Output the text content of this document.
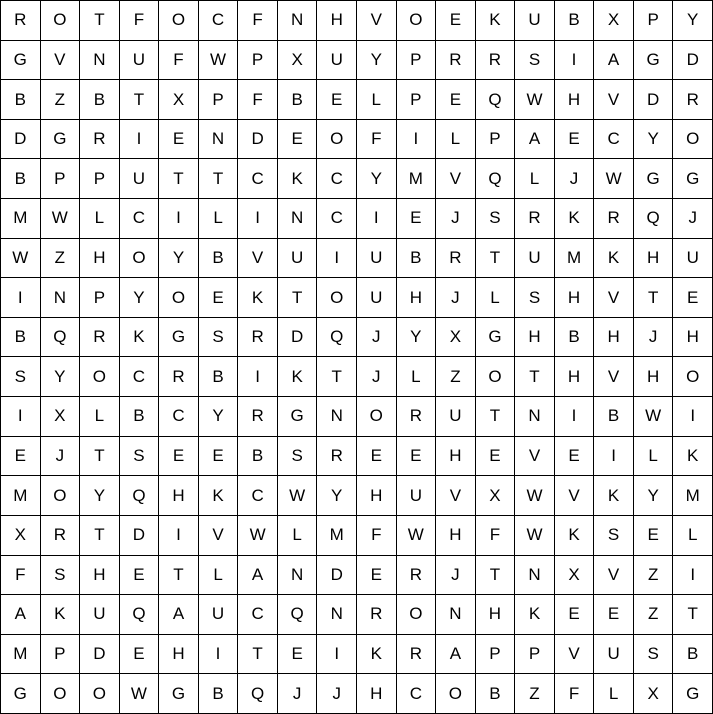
R	O	T	F	O	C	F	N	H	V	O	E	K	U	B	X	P	Y
G	V	N	U	F	W	P	X	U	Y	P	R	R	S	I	A	G	D
B	Z	B	T	X	P	F	B	E	L	P	E	Q	W	H	V	D	R
D	G	R	I	E	N	D	E	O	F	I	L	P	A	E	C	Y	O
B	P	P	U	T	T	C	K	C	Y	M	V	Q	L	J	W	G	G
M	W	L	C	I	L	I	N	C	I	E	J	S	R	K	R	Q	J
W	Z	H	O	Y	B	V	U	I	U	B	R	T	U	M	K	H	U
I	N	P	Y	O	E	K	T	O	U	H	J	L	S	H	V	T	E
B	Q	R	K	G	S	R	D	Q	J	Y	X	G	H	B	H	J	H
S	Y	O	C	R	B	I	K	T	J	L	Z	O	T	H	V	H	O
I	X	L	B	C	Y	R	G	N	O	R	U	T	N	I	B	W	I
E	J	T	S	E	E	B	S	R	E	E	H	E	V	E	I	L	K
M	O	Y	Q	H	K	C	W	Y	H	U	V	X	W	V	K	Y	M
X	R	T	D	I	V	W	L	M	F	W	H	F	W	K	S	E	L
F	S	H	E	T	L	A	N	D	E	R	J	T	N	X	V	Z	I
A	K	U	Q	A	U	C	Q	N	R	O	N	H	K	E	E	Z	T
M	P	D	E	H	I	T	E	I	K	R	A	P	P	V	U	S	B
G	O	O	W	G	B	Q	J	J	H	C	O	B	Z	F	L	X	G
